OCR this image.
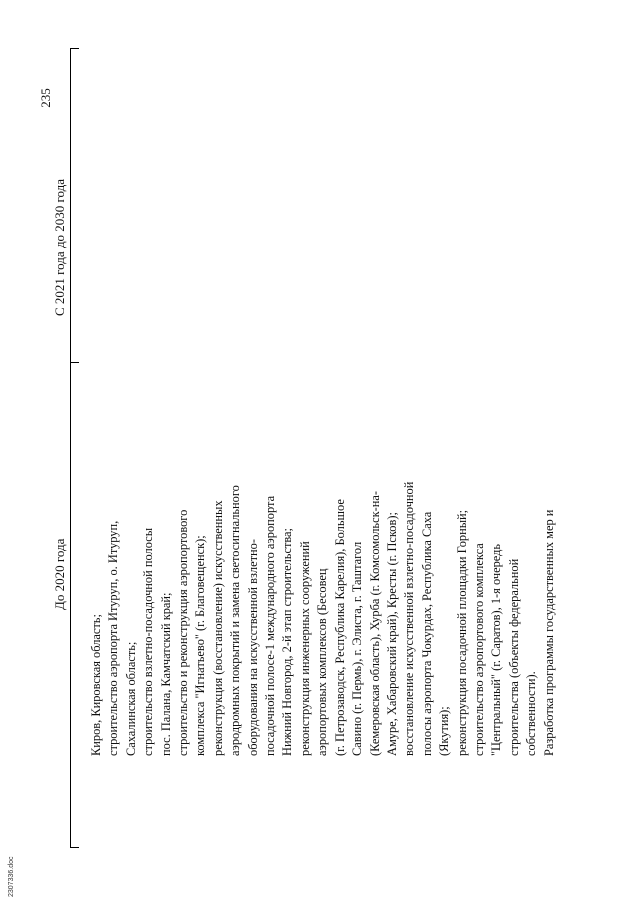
235
До 2020 года
С 2021 года до 2030 года
Киров, Кировская область; строительство аэропорта Итуруп, о. Итуруп, Сахалинская область; строительство взлетно-посадочной полосы пос. Палана, Камчатский край; строительство и реконструкция аэропортового комплекса "Игнатьево" (г. Благовещенск); реконструкция (восстановление) искусственных аэродромных покрытий и замена светосигнального оборудования на искусственной взлетно- посадочной полосе-1 международного аэропорта Нижний Новгород, 2-й этап строительства; реконструкция инженерных сооружений аэропортовых комплексов (Бесовец (г. Петрозаводск, Республика Карелия), Большое Савино (г. Пермь), г. Элиста, г. Таштагол (Кемеровская область), Хурба (г. Комсомольск-на- Амуре, Хабаровский край), Кресты (г. Псков); восстановление искусственной взлетно-посадочной полосы аэропорта Чокурдах, Республика Саха (Якутия); реконструкция посадочной площадки Горный; строительство аэропортового комплекса "Центральный" (г. Саратов), 1-я очередь строительства (объекты федеральной собственности). Разработка программы государственных мер и
2307336.doc
